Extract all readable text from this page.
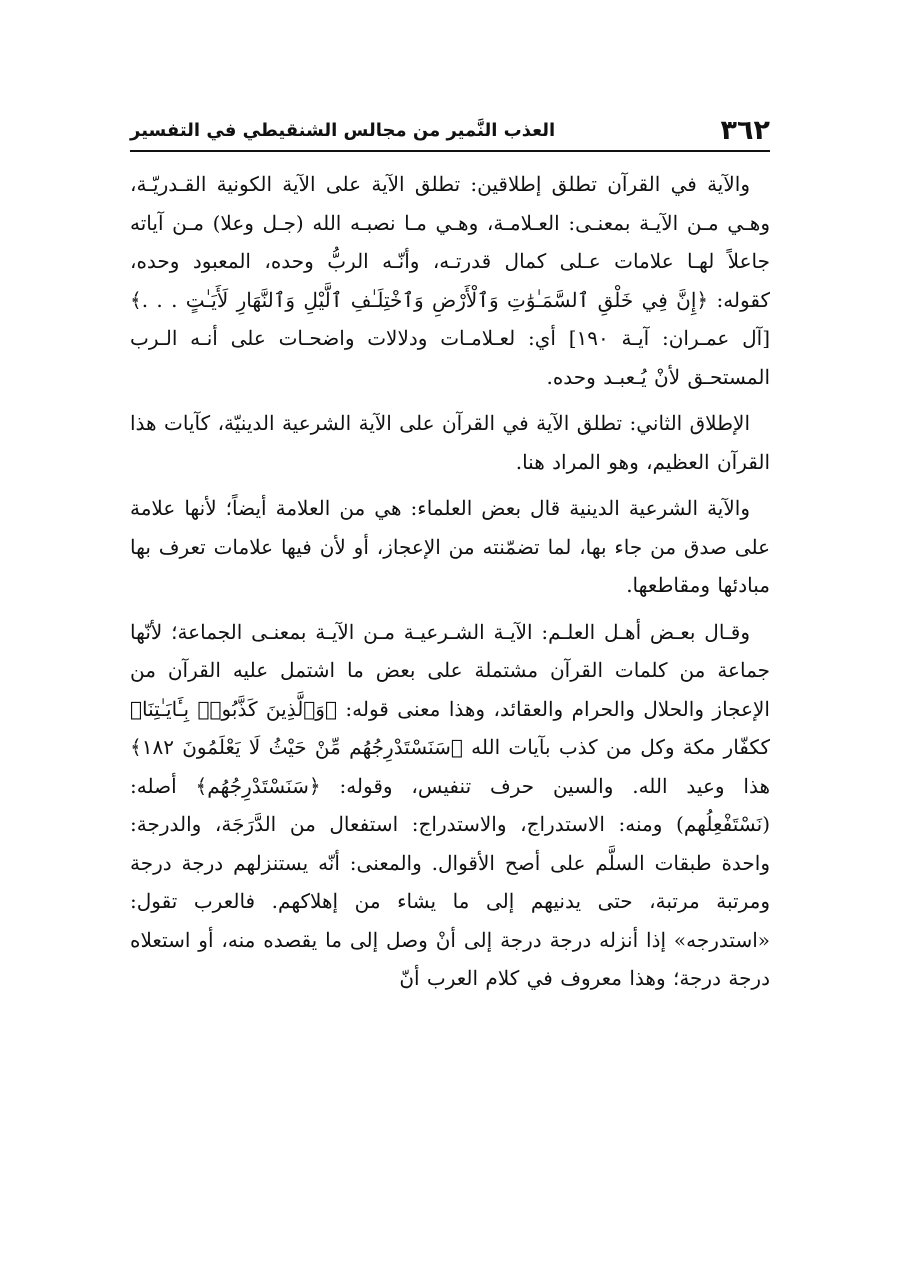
٣٦٢
العذب النَّمير من مجالس الشنقيطي في التفسير

والآية في القرآن تطلق إطلاقين: تطلق الآية على الآية الكونية القـدريّـة، وهـي مـن الآيـة بمعنـى: العـلامـة، وهـي مـا نصبـه الله (جـل وعلا) مـن آياته جاعلاً لهـا علامات عـلى كمال قدرتـه، وأنّـه الربُّ وحده، المعبود وحده، كقوله: ﴿إِنَّ فِي خَلْقِ ٱلسَّمَـٰوَٰتِ وَٱلْأَرْضِ وَٱخْتِلَـٰفِ ٱلَّيْلِ وَٱلنَّهَارِ لَأَيَـٰتٍ . . .﴾ [آل عمـران: آيـة ١٩٠] أي: لعـلامـات ودلالات واضحـات على أنـه الـرب المستحـق لأنْ يُـعبـد وحده.

الإطلاق الثاني: تطلق الآية في القرآن على الآية الشرعية الدينيّة، كآيات هذا القرآن العظيم، وهو المراد هنا.

والآية الشرعية الدينية قال بعض العلماء: هي من العلامة أيضاً؛ لأنها علامة على صدق من جاء بها، لما تضمّنته من الإعجاز، أو لأن فيها علامات تعرف بها مبادئها ومقاطعها.

وقـال بعـض أهـل العلـم: الآيـة الشـرعيـة مـن الآيـة بمعنـى الجماعة؛ لأنّها جماعة من كلمات القرآن مشتملة على بعض ما اشتمل عليه القرآن من الإعجاز والحلال والحرام والعقائد، وهذا معنى قوله: ﴿وَٱلَّذِينَ كَذَّبُوا۟ بِـَٔايَـٰتِنَا﴾ ككفّار مكة وكل من كذب بآيات الله ﴿سَنَسْتَدْرِجُهُم مِّنْ حَيْثُ لَا يَعْلَمُونَ ١٨٢﴾ هذا وعيد الله. والسين حرف تنفيس، وقوله: ﴿سَنَسْتَدْرِجُهُم﴾ أصله: (نَسْتَفْعِلُهم) ومنه: الاستدراج، والاستدراج: استفعال من الدَّرَجَة، والدرجة: واحدة طبقات السلَّم على أصح الأقوال. والمعنى: أنّه يستنزلهم درجة درجة ومرتبة مرتبة، حتى يدنيهم إلى ما يشاء من إهلاكهم. فالعرب تقول: «استدرجه» إذا أنزله درجة درجة إلى أنْ وصل إلى ما يقصده منه، أو استعلاه درجة درجة؛ وهذا معروف في كلام العرب أنّ
